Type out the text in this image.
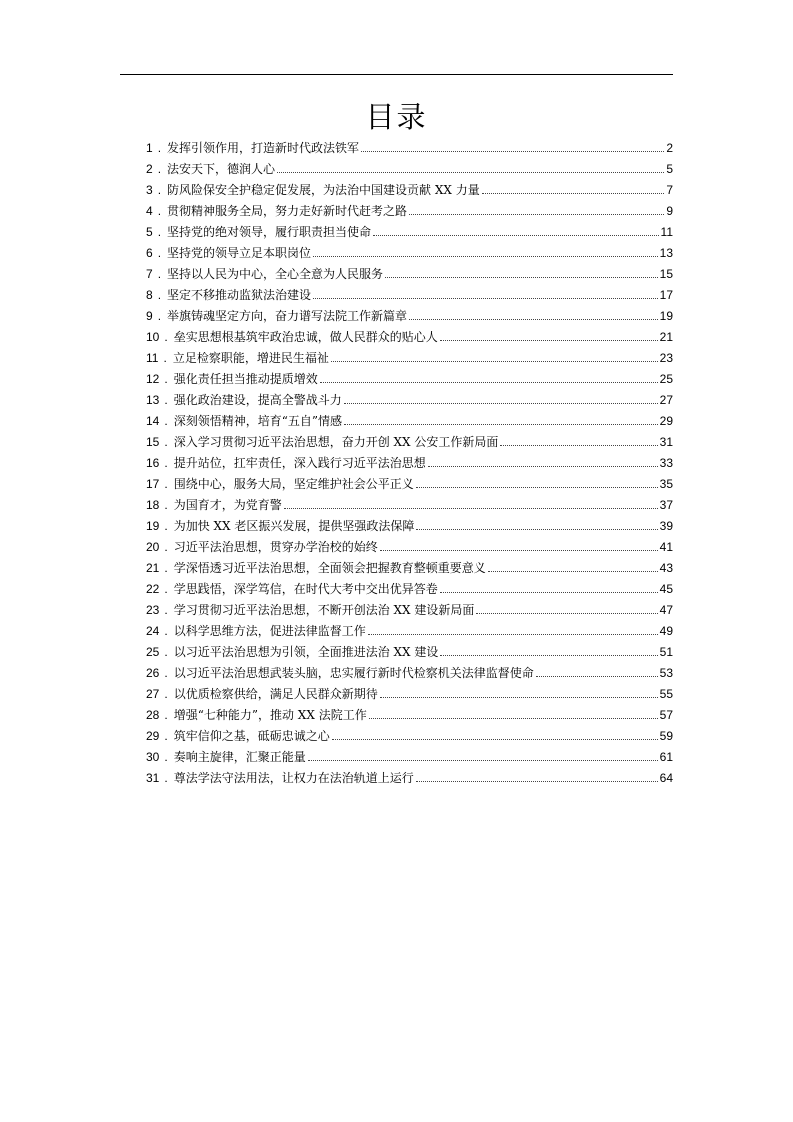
目录
1 . 发挥引领作用，打造新时代政法铁军	2
2 . 法安天下，德润人心	5
3 . 防风险保安全护稳定促发展，为法治中国建设贡献 XX 力量	7
4 . 贯彻精神服务全局，努力走好新时代赶考之路	9
5 . 坚持党的绝对领导，履行职责担当使命	11
6 . 坚持党的领导立足本职岗位	13
7 . 坚持以人民为中心，全心全意为人民服务	15
8 . 坚定不移推动监狱法治建设	17
9 . 举旗铸魂坚定方向，奋力谱写法院工作新篇章	19
10 . 垒实思想根基筑牢政治忠诚，做人民群众的贴心人	21
11 . 立足检察职能，增进民生福祉	23
12 . 强化责任担当推动提质增效	25
13 . 强化政治建设，提高全警战斗力	27
14 . 深刻领悟精神，培育“五自”情感	29
15 . 深入学习贯彻习近平法治思想，奋力开创 XX 公安工作新局面	31
16 . 提升站位，扛牢责任，深入践行习近平法治思想	33
17 . 围绕中心，服务大局，坚定维护社会公平正义	35
18 . 为国育才，为党育警	37
19 . 为加快 XX 老区振兴发展，提供坚强政法保障	39
20 . 习近平法治思想，贯穿办学治校的始终	41
21 . 学深悟透习近平法治思想，全面领会把握教育整顿重要意义	43
22 . 学思践悟，深学笃信，在时代大考中交出优异答卷	45
23 . 学习贯彻习近平法治思想，不断开创法治 XX 建设新局面	47
24 . 以科学思维方法，促进法律监督工作	49
25 . 以习近平法治思想为引领，全面推进法治 XX 建设	51
26 . 以习近平法治思想武装头脑，忠实履行新时代检察机关法律监督使命	53
27 . 以优质检察供给，满足人民群众新期待	55
28 . 增强“七种能力”，推动 XX 法院工作	57
29 . 筑牢信仰之基，砥砺忠诚之心	59
30 . 奏响主旋律，汇聚正能量	61
31 . 尊法学法守法用法，让权力在法治轨道上运行	64
